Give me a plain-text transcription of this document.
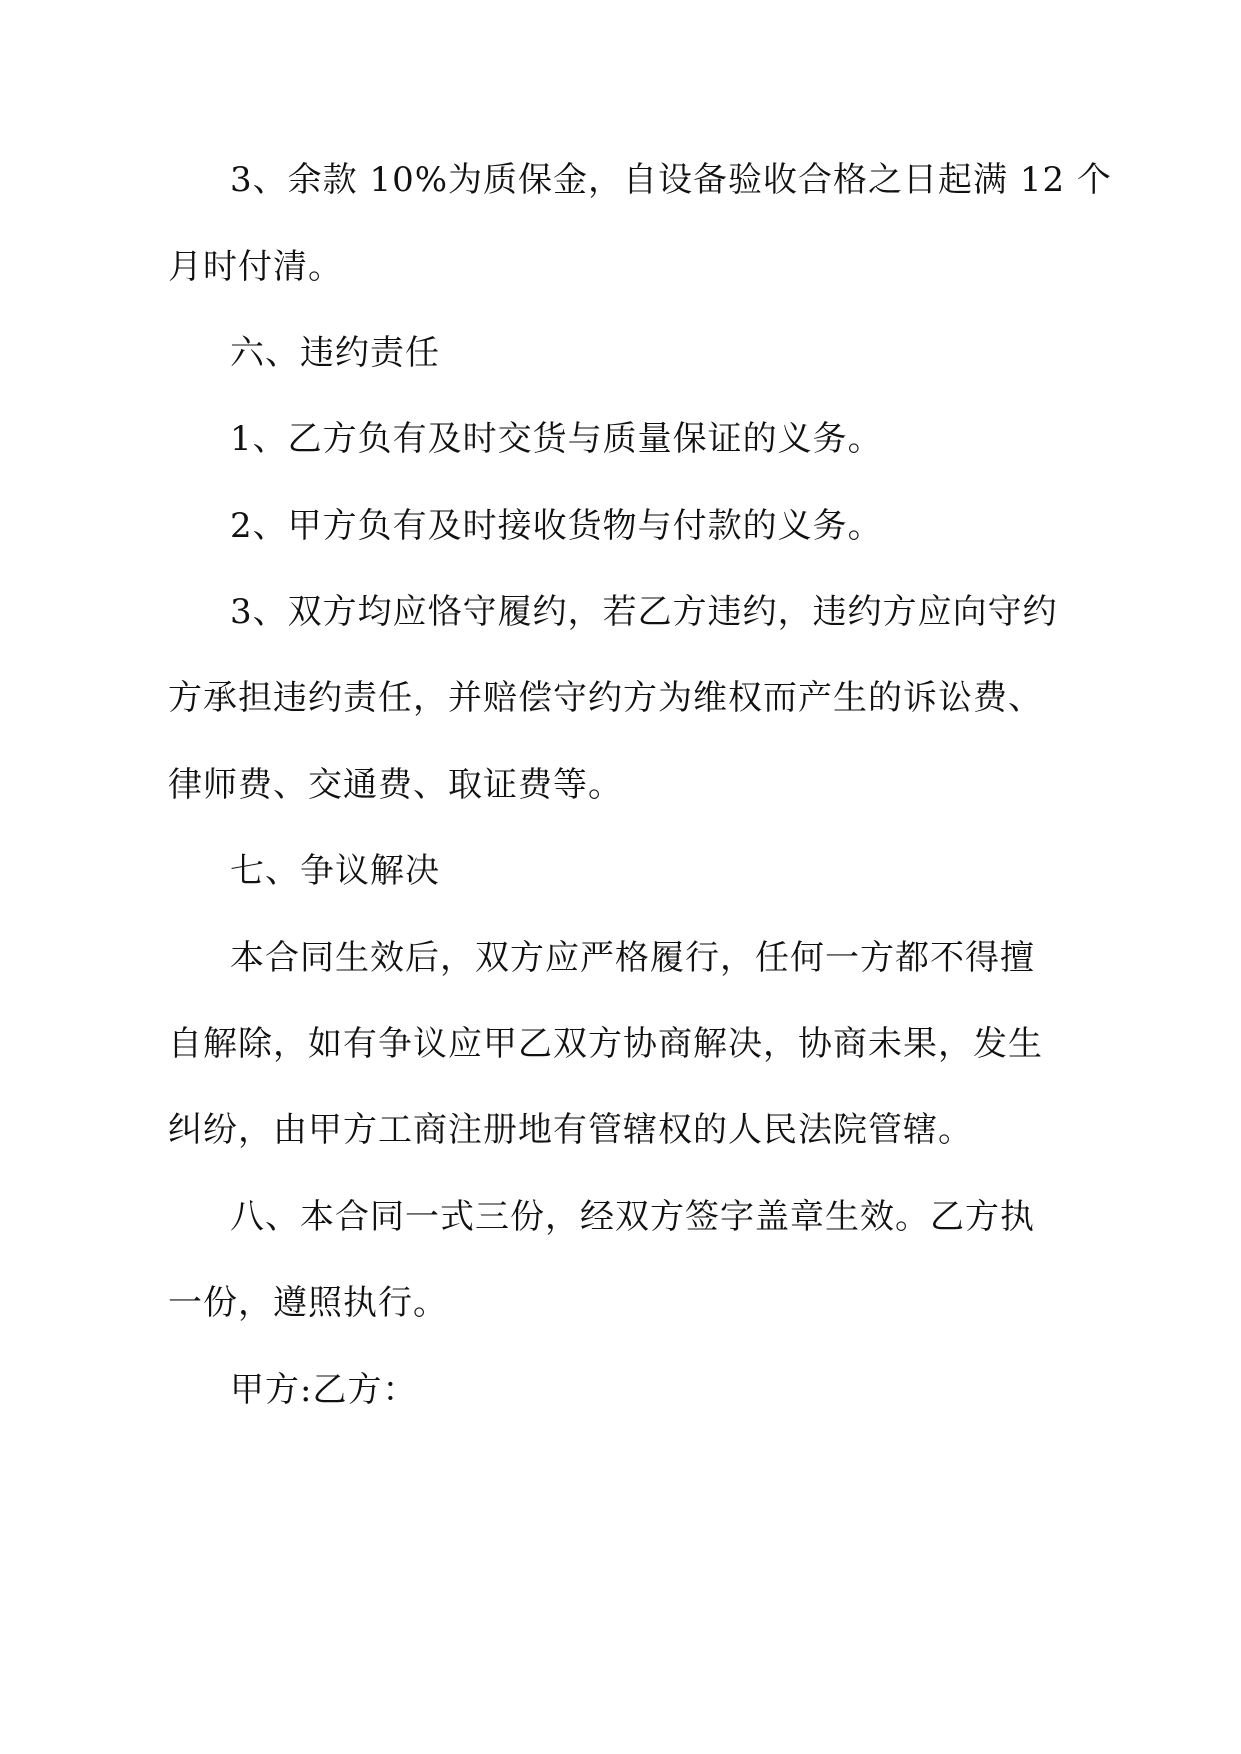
3、余款 10%为质保金，自设备验收合格之日起满 12 个

月时付清。

六、违约责任

1、乙方负有及时交货与质量保证的义务。

2、甲方负有及时接收货物与付款的义务。

3、双方均应恪守履约，若乙方违约，违约方应向守约

方承担违约责任，并赔偿守约方为维权而产生的诉讼费、

律师费、交通费、取证费等。

七、争议解决

本合同生效后，双方应严格履行，任何一方都不得擅

自解除，如有争议应甲乙双方协商解决，协商未果，发生

纠纷，由甲方工商注册地有管辖权的人民法院管辖。

八、本合同一式三份，经双方签字盖章生效。乙方执

一份，遵照执行。

甲方:乙方：
